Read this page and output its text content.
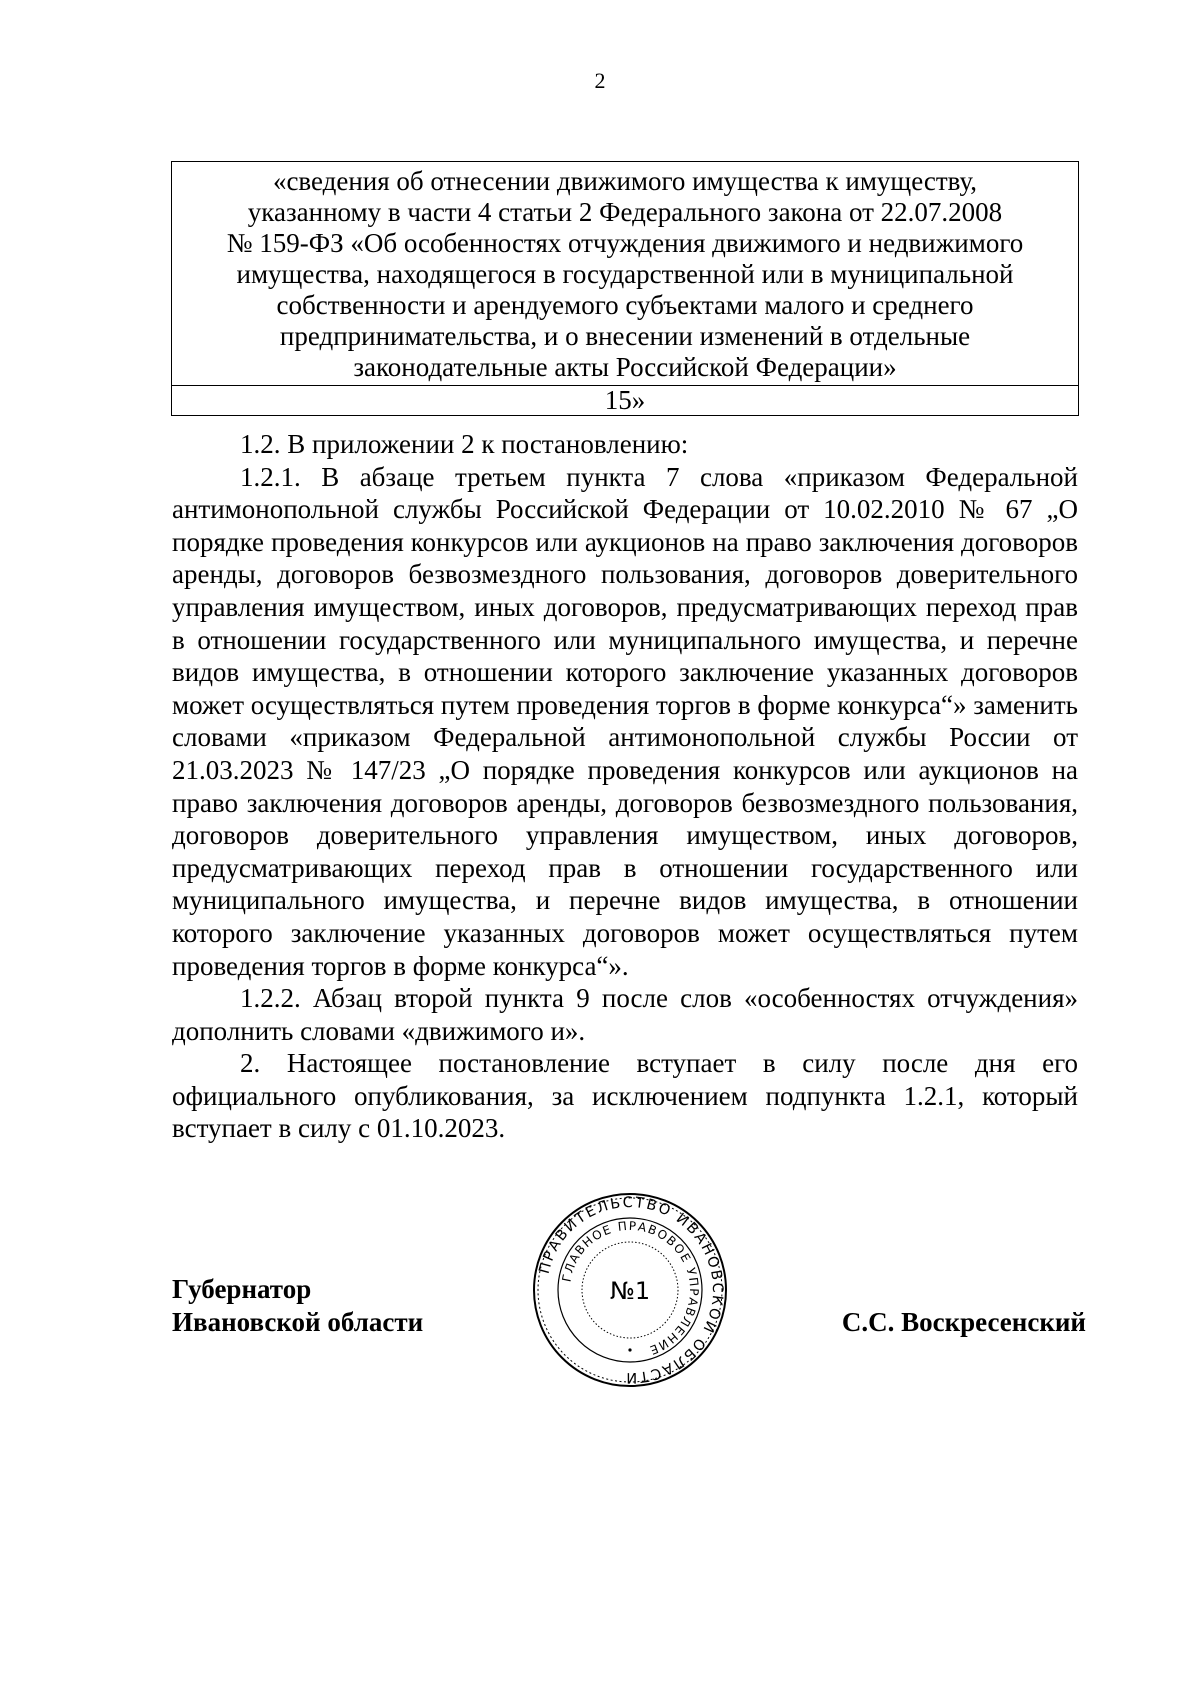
2
«сведения об отнесении движимого имущества к имуществу,
указанному в части 4 статьи 2 Федерального закона от 22.07.2008
№ 159-ФЗ «Об особенностях отчуждения движимого и недвижимого
имущества, находящегося в государственной или в муниципальной
собственности и арендуемого субъектами малого и среднего
предпринимательства, и о внесении изменений в отдельные
законодательные акты Российской Федерации»
15»

1.2. В приложении 2 к постановлению:

1.2.1. В абзаце третьем пункта 7 слова «приказом Федеральной антимонопольной службы Российской Федерации от 10.02.2010 № 67 „О порядке проведения конкурсов или аукционов на право заключения договоров аренды, договоров безвозмездного пользования, договоров доверительного управления имуществом, иных договоров, предусматривающих переход прав в отношении государственного или муниципального имущества, и перечне видов имущества, в отношении которого заключение указанных договоров может осуществляться путем проведения торгов в форме конкурса“» заменить словами «приказом Федеральной антимонопольной службы России от 21.03.2023 № 147/23 „О порядке проведения конкурсов или аукционов на право заключения договоров аренды, договоров безвозмездного пользования, договоров доверительного управления имуществом, иных договоров, предусматривающих переход прав в отношении государственного или муниципального имущества, и перечне видов имущества, в отношении которого заключение указанных договоров может осуществляться путем проведения торгов в форме конкурса“».

1.2.2. Абзац второй пункта 9 после слов «особенностях отчуждения» дополнить словами «движимого и».

2. Настоящее постановление вступает в силу после дня его официального опубликования, за исключением подпункта 1.2.1, который вступает в силу с 01.10.2023.

Губернатор
Ивановской области	С.С. Воскресенский
ПРАВИТЕЛЬСТВО ИВАНОВСКОЙ ОБЛАСТИ
ГЛАВНОЕ ПРАВОВОЕ УПРАВЛЕНИЕ
№1
